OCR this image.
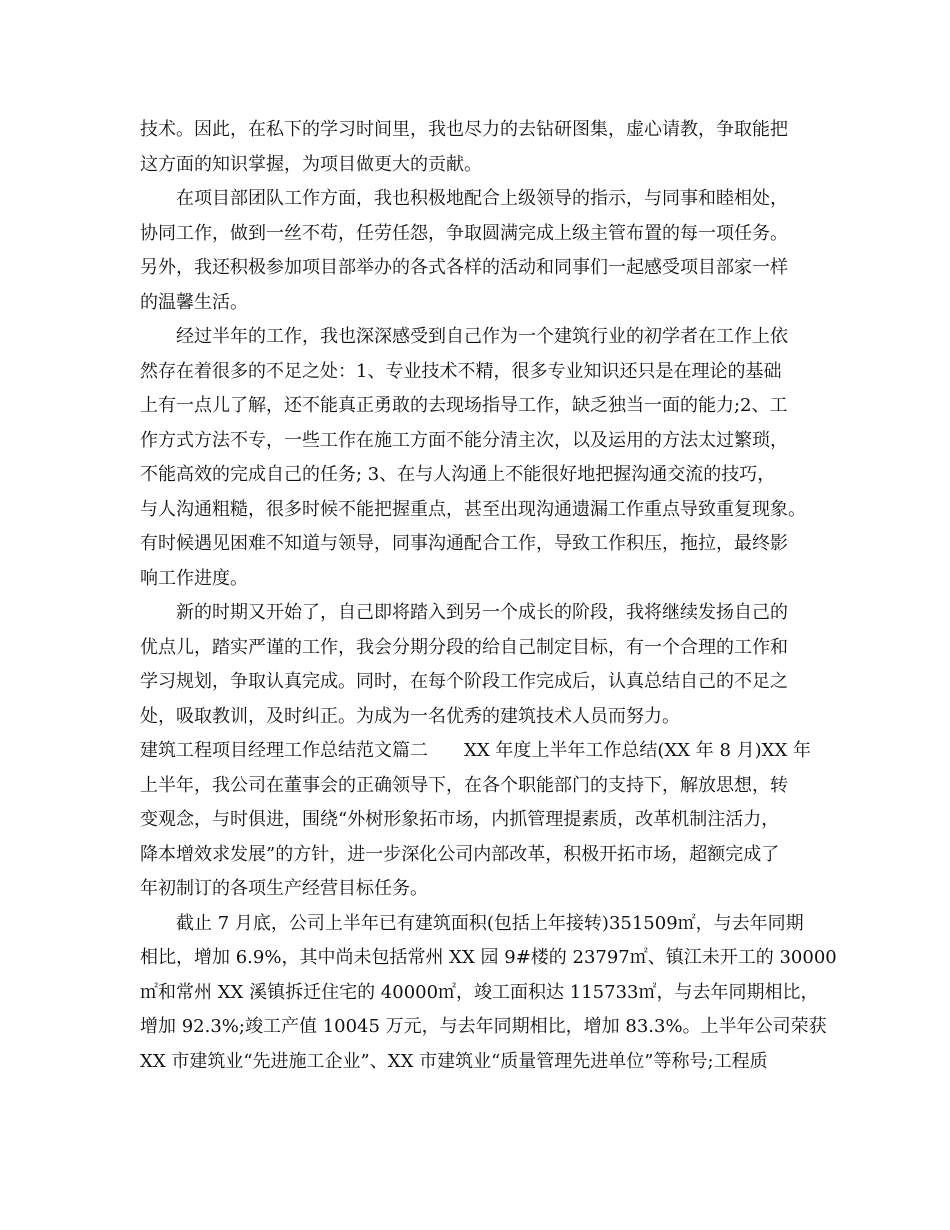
技术。因此，在私下的学习时间里，我也尽力的去钻研图集，虚心请教，争取能把
这方面的知识掌握，为项目做更大的贡献。
　　在项目部团队工作方面，我也积极地配合上级领导的指示，与同事和睦相处，
协同工作，做到一丝不苟，任劳任怨，争取圆满完成上级主管布置的每一项任务。
另外，我还积极参加项目部举办的各式各样的活动和同事们一起感受项目部家一样
的温馨生活。
　　经过半年的工作，我也深深感受到自己作为一个建筑行业的初学者在工作上依
然存在着很多的不足之处：1、专业技术不精，很多专业知识还只是在理论的基础
上有一点儿了解，还不能真正勇敢的去现场指导工作，缺乏独当一面的能力;2、工
作方式方法不专，一些工作在施工方面不能分清主次，以及运用的方法太过繁琐，
不能高效的完成自己的任务; 3、在与人沟通上不能很好地把握沟通交流的技巧，
与人沟通粗糙，很多时候不能把握重点，甚至出现沟通遗漏工作重点导致重复现象。
有时候遇见困难不知道与领导，同事沟通配合工作，导致工作积压，拖拉，最终影
响工作进度。
　　新的时期又开始了，自己即将踏入到另一个成长的阶段，我将继续发扬自己的
优点儿，踏实严谨的工作，我会分期分段的给自己制定目标，有一个合理的工作和
学习规划，争取认真完成。同时，在每个阶段工作完成后，认真总结自己的不足之
处，吸取教训，及时纠正。为成为一名优秀的建筑技术人员而努力。
建筑工程项目经理工作总结范文篇二　　XX 年度上半年工作总结(XX 年 8 月)XX 年
上半年，我公司在董事会的正确领导下，在各个职能部门的支持下，解放思想，转
变观念，与时俱进，围绕“外树形象拓市场，内抓管理提素质，改革机制注活力，
降本增效求发展”的方针，进一步深化公司内部改革，积极开拓市场，超额完成了
年初制订的各项生产经营目标任务。
　　截止 7 月底，公司上半年已有建筑面积(包括上年接转)351509㎡，与去年同期
相比，增加 6.9%，其中尚未包括常州 XX 园 9#楼的 23797㎡、镇江未开工的 30000
㎡和常州 XX 溪镇拆迁住宅的 40000㎡，竣工面积达 115733㎡，与去年同期相比，
增加 92.3%;竣工产值 10045 万元，与去年同期相比，增加 83.3%。上半年公司荣获
XX 市建筑业“先进施工企业”、XX 市建筑业“质量管理先进单位”等称号;工程质
